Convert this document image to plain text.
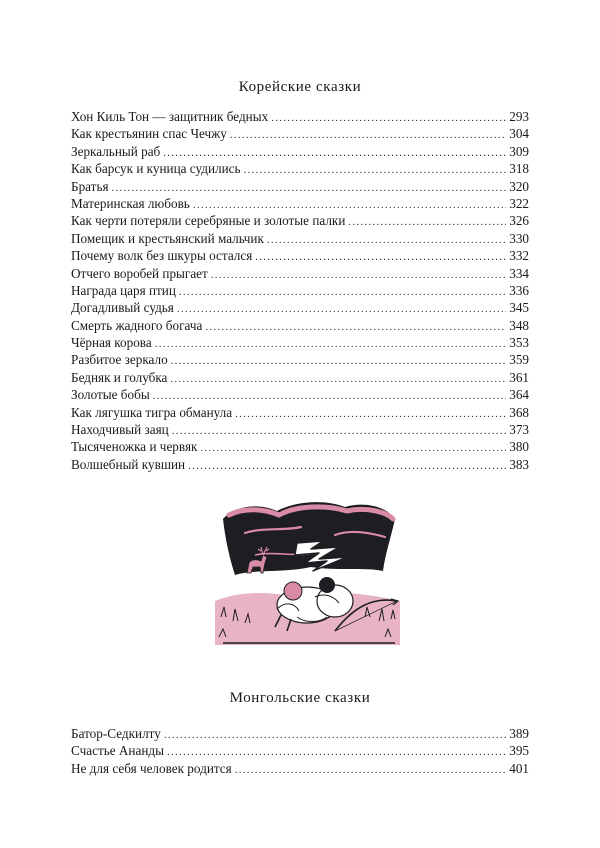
Корейские сказки
Хон Киль Тон — защитник бедных . . .	293
Как крестьянин спас Чечжу . . .	304
Зеркальный раб . . .	309
Как барсук и куница судились . . .	318
Братья . . .	320
Материнская любовь . . .	322
Как черти потеряли серебряные и золотые палки . . .	326
Помещик и крестьянский мальчик . . .	330
Почему волк без шкуры остался . . .	332
Отчего воробей прыгает . . .	334
Награда царя птиц . . .	336
Догадливый судья . . .	345
Смерть жадного богача . . .	348
Чёрная корова . . .	353
Разбитое зеркало . . .	359
Бедняк и голубка . . .	361
Золотые бобы . . .	364
Как лягушка тигра обманула . . .	368
Находчивый заяц . . .	373
Тысяченожка и червяк . . .	380
Волшебный кувшин . . .	383
Монгольские сказки
Батор-Седкилту . . .	389
Счастье Ананды . . .	395
Не для себя человек родится . . .	401
